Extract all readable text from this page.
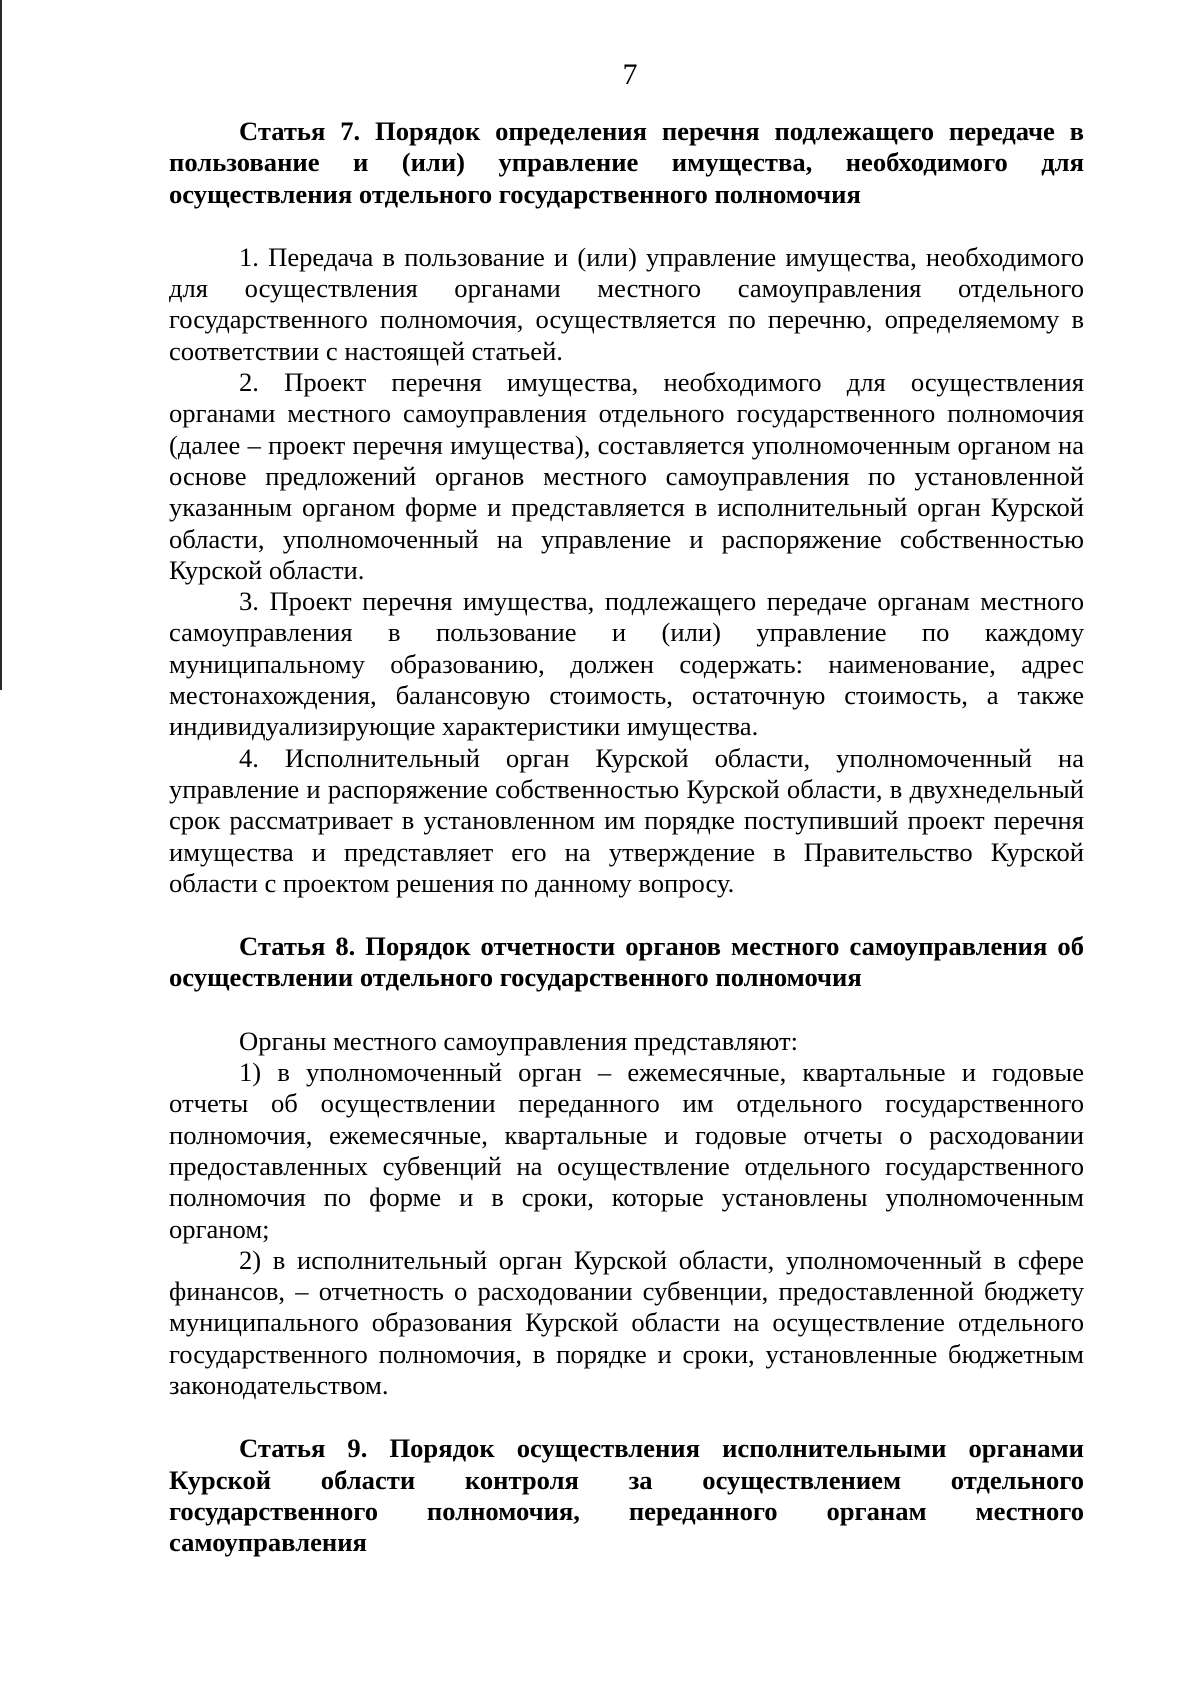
7

Статья 7. Порядок определения перечня подлежащего передаче в пользование и (или) управление имущества, необходимого для осуществления отдельного государственного полномочия

1. Передача в пользование и (или) управление имущества, необходимого для осуществления органами местного самоуправления отдельного государственного полномочия, осуществляется по перечню, определяемому в соответствии с настоящей статьей.

2. Проект перечня имущества, необходимого для осуществления органами местного самоуправления отдельного государственного полномочия (далее – проект перечня имущества), составляется уполномоченным органом на основе предложений органов местного самоуправления по установленной указанным органом форме и представляется в исполнительный орган Курской области, уполномоченный на управление и распоряжение собственностью Курской области.

3. Проект перечня имущества, подлежащего передаче органам местного самоуправления в пользование и (или) управление по каждому муниципальному образованию, должен содержать: наименование, адрес местонахождения, балансовую стоимость, остаточную стоимость, а также индивидуализирующие характеристики имущества.

4. Исполнительный орган Курской области, уполномоченный на управление и распоряжение собственностью Курской области, в двухнедельный срок рассматривает в установленном им порядке поступивший проект перечня имущества и представляет его на утверждение в Правительство Курской области с проектом решения по данному вопросу.

Статья 8. Порядок отчетности органов местного самоуправления об осуществлении отдельного государственного полномочия

Органы местного самоуправления представляют:

1) в уполномоченный орган – ежемесячные, квартальные и годовые отчеты об осуществлении переданного им отдельного государственного полномочия, ежемесячные, квартальные и годовые отчеты о расходовании предоставленных субвенций на осуществление отдельного государственного полномочия по форме и в сроки, которые установлены уполномоченным органом;

2) в исполнительный орган Курской области, уполномоченный в сфере финансов, – отчетность о расходовании субвенции, предоставленной бюджету муниципального образования Курской области на осуществление отдельного государственного полномочия, в порядке и сроки, установленные бюджетным законодательством.

Статья 9. Порядок осуществления исполнительными органами Курской области контроля за осуществлением отдельного государственного полномочия, переданного органам местного самоуправления
